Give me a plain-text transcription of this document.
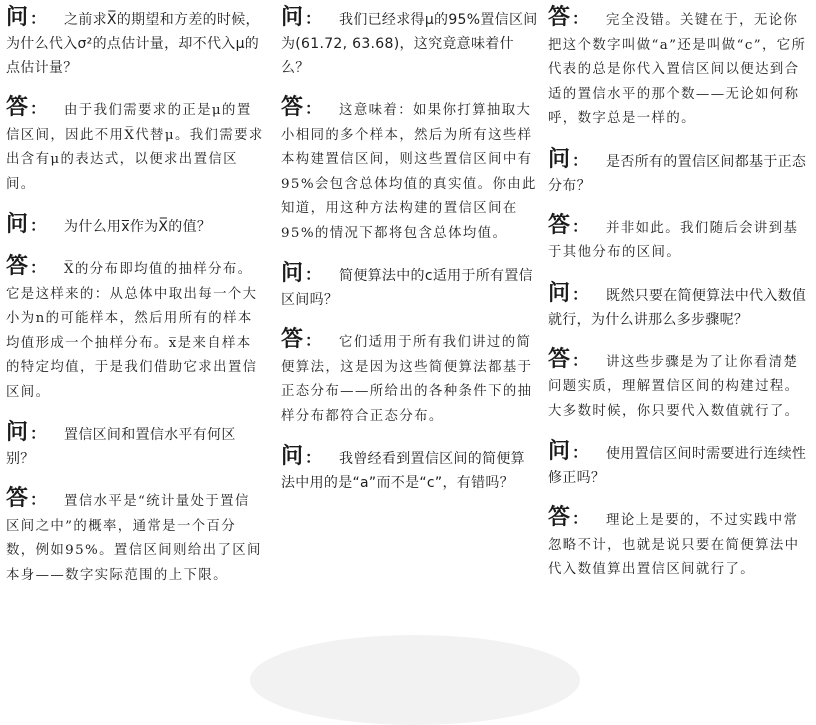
问 ： 之前求X̅的期望和方差的时候，为什么代入σ²的点估计量，却不代入μ的点估计量？

答 ： 由于我们需要求的正是μ的置信区间，因此不用X̅代替μ。我们需要求出含有μ的表达式，以便求出置信区间。

问 ： 为什么用x̅作为X̅的值？

答 ： X̅的分布即均值的抽样分布。它是这样来的：从总体中取出每一个大小为n的可能样本，然后用所有的样本均值形成一个抽样分布。x̅是来自样本的特定均值，于是我们借助它求出置信区间。

问 ： 置信区间和置信水平有何区别？

答 ： 置信水平是“统计量处于置信区间之中”的概率，通常是一个百分数，例如95%。置信区间则给出了区间本身——数字实际范围的上下限。

问 ： 我们已经求得μ的95%置信区间为(61.72, 63.68)，这究竟意味着什么？

答 ： 这意味着：如果你打算抽取大小相同的多个样本，然后为所有这些样本构建置信区间，则这些置信区间中有95%会包含总体均值的真实值。你由此知道，用这种方法构建的置信区间在95%的情况下都将包含总体均值。

问 ： 简便算法中的c适用于所有置信区间吗？

答 ： 它们适用于所有我们讲过的简便算法，这是因为这些简便算法都基于正态分布——所给出的各种条件下的抽样分布都符合正态分布。

问 ： 我曾经看到置信区间的简便算法中用的是“a”而不是“c”，有错吗？

答 ： 完全没错。关键在于，无论你把这个数字叫做“a”还是叫做“c”，它所代表的总是你代入置信区间以便达到合适的置信水平的那个数——无论如何称呼，数字总是一样的。

问 ： 是否所有的置信区间都基于正态分布？

答 ： 并非如此。我们随后会讲到基于其他分布的区间。

问 ： 既然只要在简便算法中代入数值就行，为什么讲那么多步骤呢？

答 ： 讲这些步骤是为了让你看清楚问题实质，理解置信区间的构建过程。大多数时候，你只要代入数值就行了。

问 ： 使用置信区间时需要进行连续性修正吗？

答 ： 理论上是要的，不过实践中常忽略不计，也就是说只要在简便算法中代入数值算出置信区间就行了。
